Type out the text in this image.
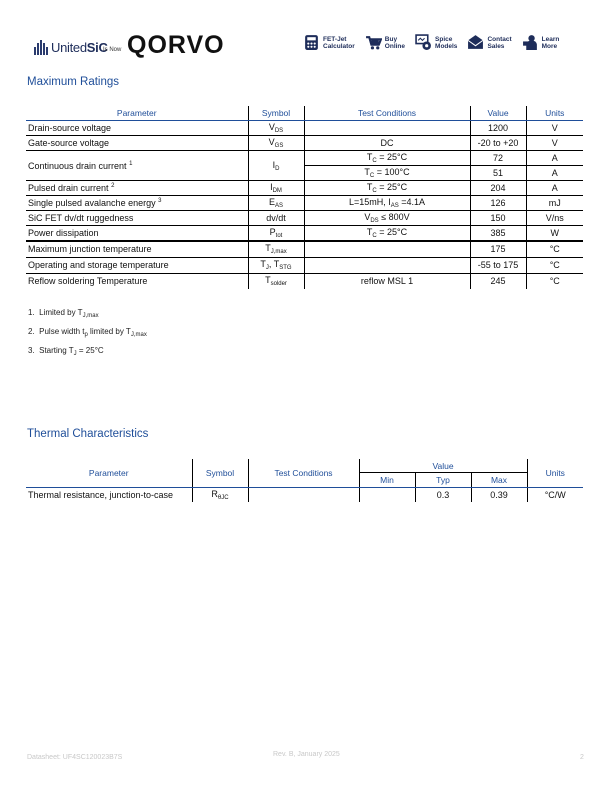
UnitedSiC
Is Now QORVO	FET-Jet
Calculator
Buy
Online
Spice
Models
Contact
Sales
Learn
More
Maximum Ratings
Parameter	Symbol	Test Conditions	Value	Units
Drain-source voltage	$V_{DS}$		1200	V
Gate-source voltage	$V_{GS}$	DC	-20 to +20	V
Continuous drain current $^1$	$I_D$	$T_C = 25^\circ C$	72	A
		$T_C = 100^\circ C$	51	A
Pulsed drain current $^2$	$I_{DM}$	$T_C = 25^\circ C$	204	A
Single pulsed avalanche energy $^3$	$E_{AS}$	L=15mH, $I_{AS} =4.1A$	126	mJ
SiC FET dv/dt ruggedness	dv/dt	$V_{DS} \le 800V$	150	V/ns
Power dissipation	$P_{tot}$	$T_C = 25^\circ C$	385	W
Maximum junction temperature	$T_{J,max}$		175	°C
Operating and storage temperature	$T_J$, $T_{STG}$		-55 to 175	°C
Reflow soldering Temperature	$T_{solder}$	reflow MSL 1	245	°C
1. Limited by $T_{J,max}$
2. Pulse width $t_p$ limited by $T_{J,max}$
3. Starting $T_J = 25^\circ C$
Thermal Characteristics
Parameter	Symbol	Test Conditions	Value			Units
			Min	Typ	Max	
Thermal resistance, junction-to-case	$R_{\theta JC}$			0.3	0.39	°C/W
Datasheet: UF4SC120023B7S	Rev. B, January 2025	2
